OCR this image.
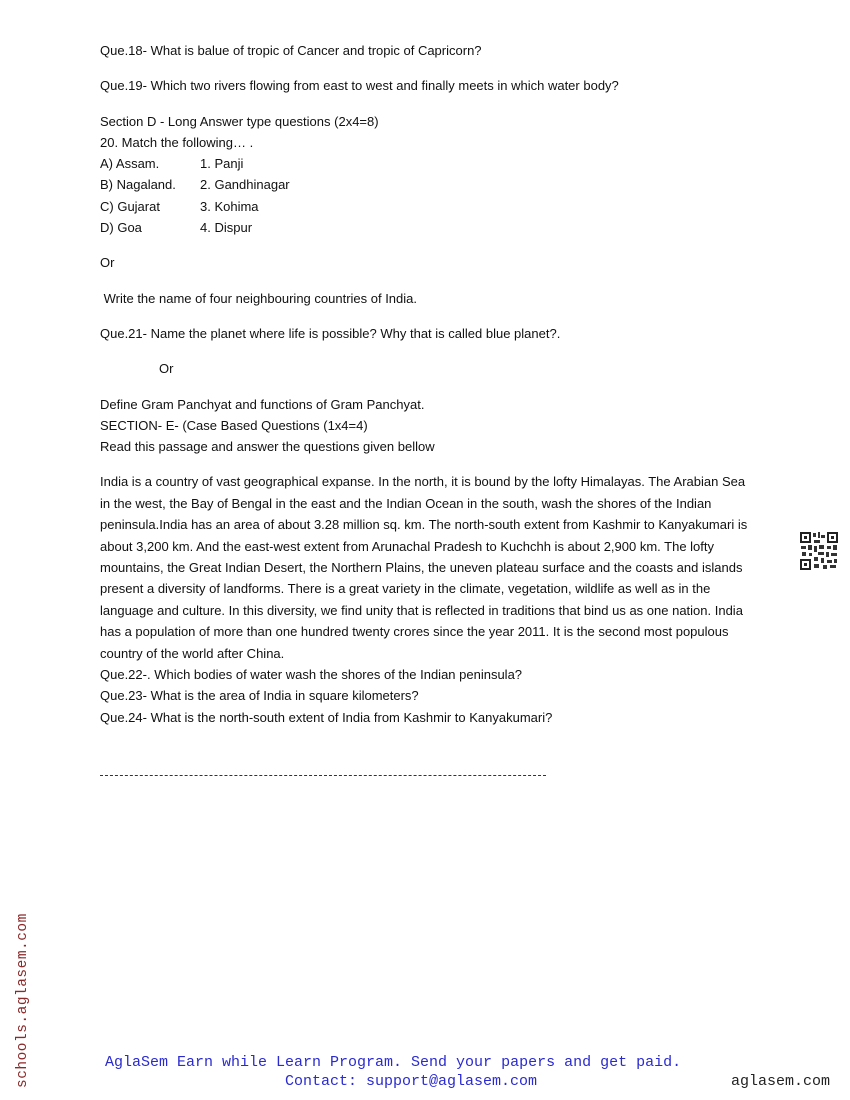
Que.18- What is balue of tropic of Cancer and tropic of Capricorn?

Que.19- Which two rivers flowing from east to west and finally meets in which water body?

Section D - Long Answer type questions (2x4=8)

20. Match the following… .

A) Assam.	1. Panji
B) Nagaland.	2. Gandhinagar
C) Gujarat	3. Kohima
D) Goa	4. Dispur

Or

Write the name of four neighbouring countries of India.

Que.21- Name the planet where life is possible? Why that is called blue planet?.

Or

Define Gram Panchyat and functions of Gram Panchyat.

SECTION- E- (Case Based Questions (1x4=4)

Read this passage and answer the questions given bellow

India is a country of vast geographical expanse. In the north, it is bound by the lofty Himalayas. The Arabian Sea in the west, the Bay of Bengal in the east and the Indian Ocean in the south, wash the shores of the Indian peninsula.India has an area of about 3.28 million sq. km. The north-south extent from Kashmir to Kanyakumari is about 3,200 km. And the east-west extent from Arunachal Pradesh to Kuchchh is about 2,900 km. The lofty mountains, the Great Indian Desert, the Northern Plains, the uneven plateau surface and the coasts and islands present a diversity of landforms. There is a great variety in the climate, vegetation, wildlife as well as in the language and culture. In this diversity, we find unity that is reflected in traditions that bind us as one nation. India has a population of more than one hundred twenty crores since the year 2011. It is the second most populous country of the world after China.

Que.22-. Which bodies of water wash the shores of the Indian peninsula?

Que.23- What is the area of India in square kilometers?

Que.24- What is the north-south extent of India from Kashmir to Kanyakumari?

schools.aglasem.com	AglaSem Earn while Learn Program. Send your papers and get paid.
Contact: support@aglasem.com	aglasem.com
